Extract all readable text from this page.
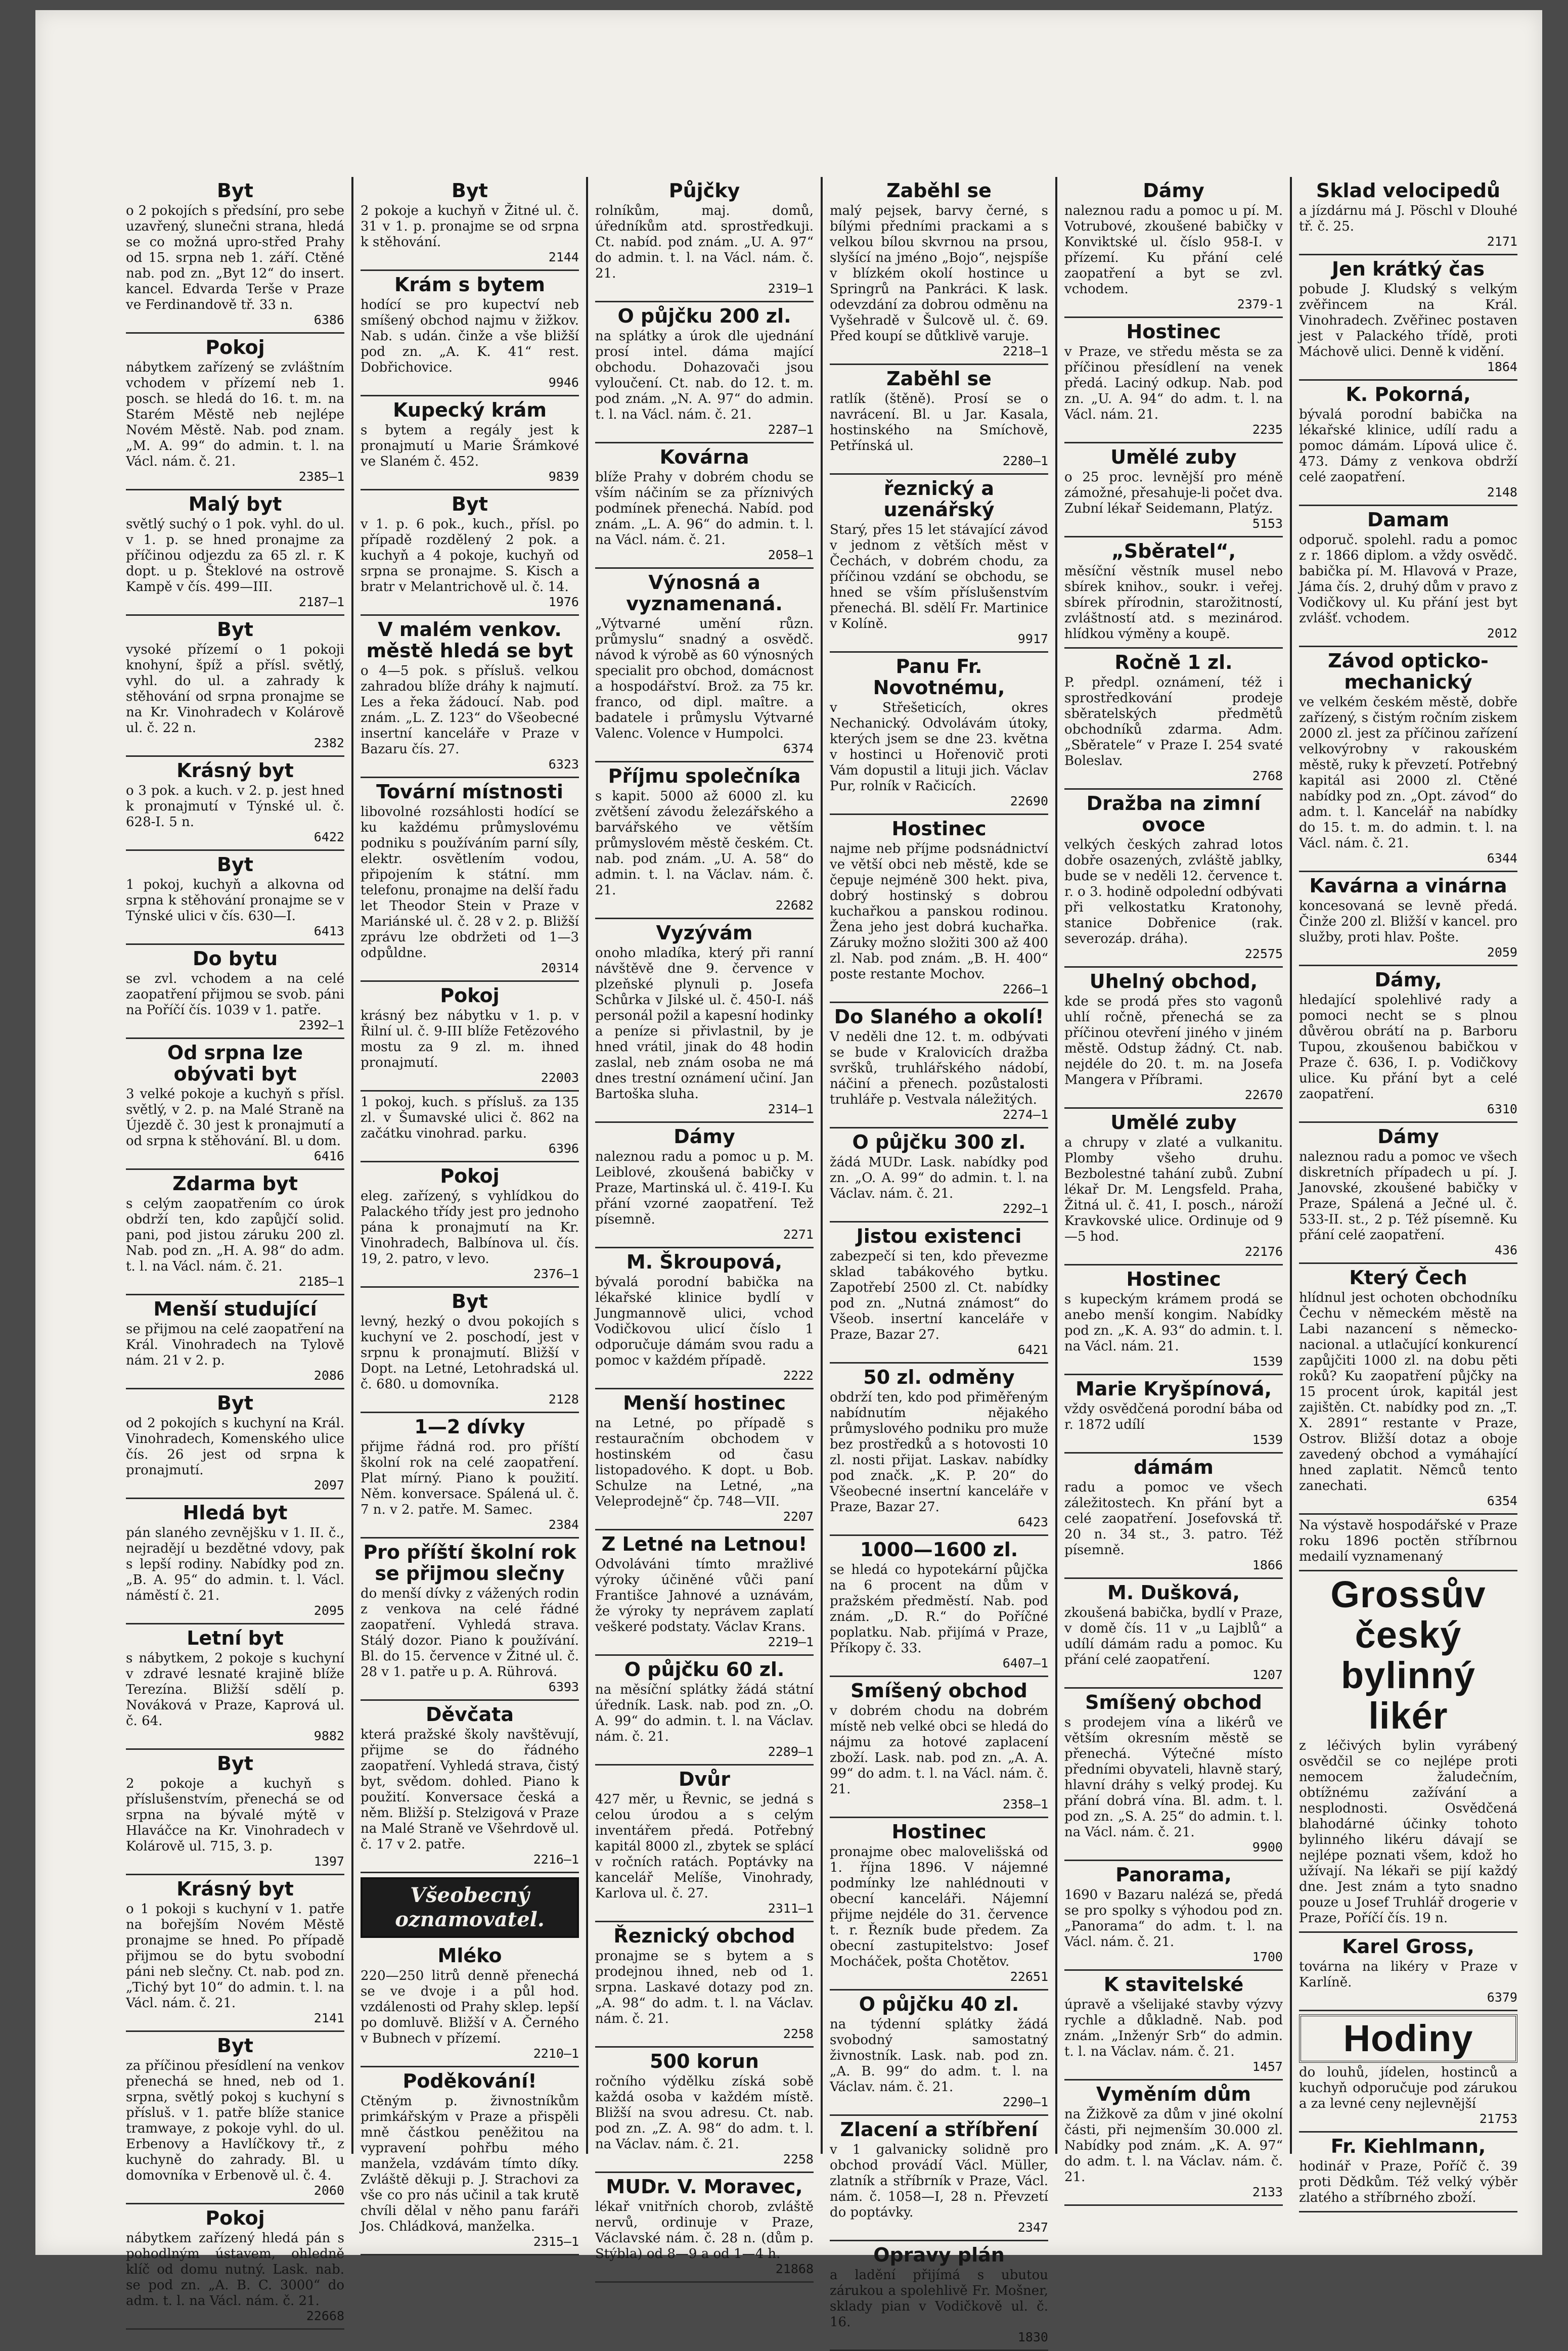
Byt

o 2 pokojích s předsíní, pro sebe uzavřený, slunečni strana, hledá se co možná upro-střed Prahy od 15. srpna neb 1. září. Ctěné nab. pod zn. „Byt 12“ do insert. kancel. Edvarda Terše v Praze ve Ferdinandově tř. 33 n.

6386
Pokoj

nábytkem zařízený se zvláštním vchodem v přízemí neb 1. posch. se hledá do 16. t. m. na Starém Městě neb nejlépe Novém Městě. Nab. pod znam. „M. A. 99“ do admin. t. l. na Václ. nám. č. 21.

2385—1
Malý byt

světlý suchý o 1 pok. vyhl. do ul. v 1. p. se hned pronajme za příčinou odjezdu za 65 zl. r. K dopt. u p. Šteklové na ostrově Kampě v čís. 499—III.

2187—1
Byt

vysoké přízemí o 1 pokoji knohyní, špíž a přísl. světlý, vyhl. do ul. a zahrady k stěhování od srpna pronajme se na Kr. Vinohradech v Kolárově ul. č. 22 n.

2382
Krásný byt

o 3 pok. a kuch. v 2. p. jest hned k pronajmutí v Týnské ul. č. 628-I. 5 n.

6422
Byt

1 pokoj, kuchyň a alkovna od srpna k stěhování pronajme se v Týnské ulici v čís. 630—I.

6413
Do bytu

se zvl. vchodem a na celé zaopatření přijmou se svob. páni na Poříčí čís. 1039 v 1. patře.

2392—1
Od srpna lze obývati byt

3 velké pokoje a kuchyň s přísl. světlý, v 2. p. na Malé Straně na Újezdě č. 30 jest k pronajmutí a od srpna k stěhování. Bl. u dom.

6416
Zdarma byt

s celým zaopatřením co úrok obdrží ten, kdo zapůjčí solid. pani, pod jistou záruku 200 zl. Nab. pod zn. „H. A. 98“ do adm. t. l. na Václ. nám. č. 21.

2185—1
Menší studující

se přijmou na celé zaopatření na Král. Vinohradech na Tylově nám. 21 v 2. p.

2086
Byt

od 2 pokojích s kuchyní na Král. Vinohradech, Komenského ulice čís. 26 jest od srpna k pronajmutí.

2097
Hledá byt

pán slaného zevnějšku v 1. II. č., nejradějí u bezdětné vdovy, pak s lepší rodiny. Nabídky pod zn. „B. A. 95“ do admin. t. l. Václ. náměstí č. 21.

2095
Letní byt

s nábytkem, 2 pokoje s kuchyní v zdravé lesnaté krajině blíže Terezína. Bližší sdělí p. Nováková v Praze, Kaprová ul. č. 64.

9882
Byt

2 pokoje a kuchyň s příslušenstvím, přenechá se od srpna na bývalé mýtě v Hlaváčce na Kr. Vinohradech v Kolárově ul. 715, 3. p.

1397
Krásný byt

o 1 pokoji s kuchyní v 1. patře na bořejším Novém Městě pronajme se hned. Po případě přijmou se do bytu svobodní páni neb slečny. Ct. nab. pod zn. „Tichý byt 10“ do admin. t. l. na Václ. nám. č. 21.

2141
Byt

za příčinou přesídlení na venkov přenechá se hned, neb od 1. srpna, světlý pokoj s kuchyní s přísluš. v 1. patře blíže stanice tramwaye, z pokoje vyhl. do ul. Erbenovy a Havlíčkovy tř., z kuchyně do zahrady. Bl. u domovníka v Erbenově ul. č. 4.

2060
Pokoj

nábytkem zařízený hledá pán s pohodlným ústavem, ohledně klíč od domu nutný. Lask. nab. se pod zn. „A. B. C. 3000“ do adm. t. l. na Václ. nám. č. 21.

22668
Byt

2 pokoje a kuchyň v Žitné ul. č. 31 v 1. p. pronajme se od srpna k stěhování.

2144
Krám s bytem

hodící se pro kupectví neb smíšený obchod najmu v žižkov. Nab. s udán. činže a vše bližší pod zn. „A. K. 41“ rest. Dobřichovice.

9946
Kupecký krám

s bytem a regály jest k pronajmutí u Marie Šrámkové ve Slaném č. 452.

9839
Byt

v 1. p. 6 pok., kuch., přísl. po případě rozdělený 2 pok. a kuchyň a 4 pokoje, kuchyň od srpna se pronajme. S. Kisch a bratr v Melantrichově ul. č. 14.

1976
V malém venkov. městě hledá se byt

o 4—5 pok. s přísluš. velkou zahradou blíže dráhy k najmutí. Les a řeka žádoucí. Nab. pod znám. „L. Z. 123“ do Všeobecné insertní kanceláře v Praze v Bazaru čís. 27.

6323
Tovární místnosti

libovolné rozsáhlosti hodící se ku každému průmyslovému podniku s používáním parní síly, elektr. osvětlením vodou, připojením k státní. mm telefonu, pronajme na delší řadu let Theodor Stein v Praze v Mariánské ul. č. 28 v 2. p. Bližší zprávu lze obdržeti od 1—3 odpůldne.

20314
Pokoj

krásný bez nábytku v 1. p. v Řilní ul. č. 9-III blíže Fetězového mostu za 9 zl. m. ihned pronajmutí.

22003

1 pokoj, kuch. s přísluš. za 135 zl. v Šumavské ulici č. 862 na začátku vinohrad. parku.

6396
Pokoj

eleg. zařízený, s vyhlídkou do Palackého třídy jest pro jednoho pána k pronajmutí na Kr. Vinohradech, Balbínova ul. čís. 19, 2. patro, v levo.

2376—1
Byt

levný, hezký o dvou pokojích s kuchyní ve 2. poschodí, jest v srpnu k pronajmutí. Bližší v Dopt. na Letné, Letohradská ul. č. 680. u domovníka.

2128
1—2 dívky

přijme řádná rod. pro příští školní rok na celé zaopatření. Plat mírný. Piano k použití. Něm. konversace. Spálená ul. č. 7 n. v 2. patře. M. Samec.

2384
Pro příští školní rok se přijmou slečny

do menší dívky z vážených rodin z venkova na celé řádné zaopatření. Vyhledá strava. Stálý dozor. Piano k používání. Bl. do 15. července v Žitné ul. č. 28 v 1. patře u p. A. Rührová.

6393
Děvčata

která pražské školy navštěvují, přijme se do řádného zaopatření. Vyhledá strava, čistý byt, svědom. dohled. Piano k použití. Konversace česká a něm. Bližší p. Stelzigová v Praze na Malé Straně ve Všehrdově ul. č. 17 v 2. patře.

2216—1
Všeobecný oznamovatel.
Mléko

220—250 litrů denně přenechá se ve dvoje i a půl hod. vzdálenosti od Prahy sklep. lepší po domluvě. Bližší v A. Černého v Bubnech v přízemí.

2210—1
Poděkování!

Ctěným p. živnostníkům primkářským v Praze a přispěli mně částkou peněžitou na vypravení pohřbu mého manžela, vzdávám tímto díky. Zvláště děkuji p. J. Strachovi za vše co pro nás učinil a tak krutě chvíli dělal v něho panu faráři Jos. Chládková, manželka.

2315—1
Půjčky

rolníkům, maj. domů, úředníkům atd. sprostředkuji. Ct. nabíd. pod znám. „U. A. 97“ do admin. t. l. na Václ. nám. č. 21.

2319—1
O půjčku 200 zl.

na splátky a úrok dle ujednání prosí intel. dáma mající obchodu. Dohazovači jsou vyloučení. Ct. nab. do 12. t. m. pod znám. „N. A. 97“ do admin. t. l. na Václ. nám. č. 21.

2287—1
Kovárna

blíže Prahy v dobrém chodu se vším náčiním se za příznivých podmínek přenechá. Nabíd. pod znám. „L. A. 96“ do admin. t. l. na Václ. nám. č. 21.

2058—1
Výnosná a vyznamenaná.

„Výtvarné umění různ. průmyslu“ snadný a osvědč. návod k výrobě as 60 výnosných specialit pro obchod, domácnost a hospodářství. Brož. za 75 kr. franco, od dipl. maître. a badatele i průmyslu Výtvarné Valenc. Volence v Humpolci.

6374
Příjmu společníka

s kapit. 5000 až 6000 zl. ku zvětšení závodu železářského a barvářského ve větším průmyslovém městě českém. Ct. nab. pod znám. „U. A. 58“ do admin. t. l. na Václav. nám. č. 21.

22682
Vyzývám

onoho mladíka, který při ranní návštěvě dne 9. července v plzeňské plynuli p. Josefa Schůrka v Jilské ul. č. 450-I. náš personál požil a kapesní hodinky a peníze si přivlastnil, by je hned vrátil, jinak do 48 hodin zaslal, neb znám osoba ne má dnes trestní oznámení učiní. Jan Bartoška sluha.

2314—1
Dámy

naleznou radu a pomoc u p. M. Leiblové, zkoušená babičky v Praze, Martinská ul. č. 419-I. Ku přání vzorné zaopatření. Tež písemně.

2271
M. Škroupová,

bývalá porodní babička na lékařské klinice bydlí v Jungmannově ulici, vchod Vodičkovou ulicí číslo 1 odporučuje dámám svou radu a pomoc v každém případě.

2222
Menší hostinec

na Letné, po případě s restauračním obchodem v hostinském od času listopadového. K dopt. u Bob. Schulze na Letné, „na Veleprodejně“ čp. 748—VII.

2207
Z Letné na Letnou!

Odvoláváni tímto mražlivé výroky účiněné vůči paní Františce Jahnové a uznávám, že výroky ty neprávem zaplatí veškeré podstaty. Václav Krans.

2219—1
O půjčku 60 zl.

na měsíční splátky žádá státní úředník. Lask. nab. pod zn. „O. A. 99“ do admin. t. l. na Václav. nám. č. 21.

2289—1
Dvůr

427 měr, u Řevnic, se jedná s celou úrodou a s celým inventářem předá. Potřebný kapitál 8000 zl., zbytek se splácí v ročních ratách. Poptávky na kancelář Melíše, Vinohrady, Karlova ul. č. 27.

2311—1
Řeznický obchod

pronajme se s bytem a s prodejnou ihned, neb od 1. srpna. Laskavé dotazy pod zn. „A. 98“ do adm. t. l. na Václav. nám. č. 21.

2258
500 korun

ročního výdělku získá sobě každá osoba v každém místě. Bližší na svou adresu. Ct. nab. pod zn. „Z. A. 98“ do adm. t. l. na Václav. nám. č. 21.

2258
MUDr. V. Moravec,

lékař vnitřních chorob, zvláště nervů, ordinuje v Praze, Václavské nám. č. 28 n. (dům p. Stýbla) od 8—9 a od 1—4 h.

21868
Zaběhl se

malý pejsek, barvy černé, s bílými předními prackami a s velkou bílou skvrnou na prsou, slyšící na jméno „Bojo“, nejspíše v blízkém okolí hostince u Springrů na Pankráci. K lask. odevzdání za dobrou odměnu na Vyšehradě v Šulcově ul. č. 69. Před koupí se důtklivě varuje.

2218—1
Zaběhl se

ratlík (štěně). Prosí se o navrácení. Bl. u Jar. Kasala, hostinského na Smíchově, Petřínská ul.

2280—1
řeznický a uzenářský

Starý, přes 15 let stávající závod v jednom z větších měst v Čechách, v dobrém chodu, za příčinou vzdání se obchodu, se hned se vším příslušenstvím přenechá. Bl. sdělí Fr. Martinice v Kolíně.

9917
Panu Fr. Novotnému,

v Střešeticích, okres Nechanický. Odvolávám útoky, kterých jsem se dne 23. května v hostinci u Hořenovič proti Vám dopustil a lituji jich. Václav Pur, rolník v Račicích.

22690
Hostinec

najme neb příjme podsnádnictví ve větší obci neb městě, kde se čepuje nejméně 300 hekt. piva, dobrý hostinský s dobrou kuchařkou a panskou rodinou. Žena jeho jest dobrá kuchařka. Záruky možno složiti 300 až 400 zl. Nab. pod znám. „B. H. 400“ poste restante Mochov.

2266—1
Do Slaného a okolí!

V neděli dne 12. t. m. odbývati se bude v Kralovicích dražba svršků, truhlářského nádobí, náčiní a přenech. pozůstalosti truhláře p. Vestvala náležitých.

2274—1
O půjčku 300 zl.

žádá MUDr. Lask. nabídky pod zn. „O. A. 99“ do admin. t. l. na Václav. nám. č. 21.

2292—1
Jistou existenci

zabezpečí si ten, kdo převezme sklad tabákového bytku. Zapotřebí 2500 zl. Ct. nabídky pod zn. „Nutná známost“ do Všeob. insertní kanceláře v Praze, Bazar 27.

6421
50 zl. odměny

obdrží ten, kdo pod přiměřeným nabídnutím nějakého průmyslového podniku pro muže bez prostředků a s hotovosti 10 zl. nosti přijat. Laskav. nabídky pod značk. „K. P. 20“ do Všeobecné insertní kanceláře v Praze, Bazar 27.

6423
1000—1600 zl.

se hledá co hypotekární půjčka na 6 procent na dům v pražském předměstí. Nab. pod znám. „D. R.“ do Poříčné poplatku. Nab. přijímá v Praze, Příkopy č. 33.

6407—1
Smíšený obchod

v dobrém chodu na dobrém místě neb velké obci se hledá do nájmu za hotové zaplacení zboží. Lask. nab. pod zn. „A. A. 99“ do adm. t. l. na Václ. nám. č. 21.

2358—1
Hostinec

pronajme obec malovelišská od 1. října 1896. V nájemné podmínky lze nahlédnouti v obecní kanceláři. Nájemní přijme nejdéle do 31. července t. r. Řezník bude předem. Za obecní zastupitelstvo: Josef Mocháček, pošta Chotětov.

22651
O půjčku 40 zl.

na týdenní splátky žádá svobodný samostatný živnostník. Lask. nab. pod zn. „A. B. 99“ do adm. t. l. na Václav. nám. č. 21.

2290—1
Zlacení a stříbření

v 1 galvanicky solidně pro obchod provádí Václ. Müller, zlatník a stříbrník v Praze, Václ. nám. č. 1058—I, 28 n. Převzetí do poptávky.

2347
Opravy plán

a ladění přijímá s ubutou zárukou a spolehlivě Fr. Mošner, sklady pian v Vodičkově ul. č. 16.

1830
Dámy

naleznou radu a pomoc u pí. M. Votrubové, zkoušené babičky v Konviktské ul. číslo 958-I. v přízemí. Ku přání celé zaopatření a byt se zvl. vchodem.

2379-1
Hostinec

v Praze, ve středu města se za příčinou přesídlení na venek předá. Laciný odkup. Nab. pod zn. „U. A. 94“ do adm. t. l. na Václ. nám. 21.

2235
Umělé zuby

o 25 proc. levnější pro méně zámožné, přesahuje-li počet dva. Zubní lékař Seidemann, Platýz.

5153
„Sběratel“,

měsíční věstník musel nebo sbírek knihov., soukr. i veřej. sbírek přírodnin, starožitností, zvláštností atd. s mezinárod. hlídkou výměny a koupě.

Ročně 1 zl.

P. předpl. oznámení, též i sprostředkování prodeje sběratelských předmětů obchodníků zdarma. Adm. „Sběratele“ v Praze I. 254 svaté Boleslav.

2768
Dražba na zimní ovoce

velkých českých zahrad lotos dobře osazených, zvláště jablky, bude se v neděli 12. července t. r. o 3. hodině odpolední odbývati při velkostatku Kratonohy, stanice Dobřenice (rak. severozáp. dráha).

22575
Uhelný obchod,

kde se prodá přes sto vagonů uhlí ročně, přenechá se za příčinou otevření jiného v jiném městě. Odstup žádný. Ct. nab. nejdéle do 20. t. m. na Josefa Mangera v Příbrami.

22670
Umělé zuby

a chrupy v zlaté a vulkanitu. Plomby všeho druhu. Bezbolestné tahání zubů. Zubní lékař Dr. M. Lengsfeld. Praha, Žitná ul. č. 41, I. posch., nároží Kravkovské ulice. Ordinuje od 9—5 hod.

22176
Hostinec

s kupeckým krámem prodá se anebo menší kongim. Nabídky pod zn. „K. A. 93“ do admin. t. l. na Václ. nám. 21.

1539
Marie Kryšpínová,

vždy osvědčená porodní bába od r. 1872 udílí

1539
dámám

radu a pomoc ve všech záležitostech. Kn přání byt a celé zaopatření. Josefovská tř. 20 n. 34 st., 3. patro. Též písemně.

1866
M. Dušková,

zkoušená babička, bydlí v Praze, v domě čís. 11 v „u Lajblů“ a udílí dámám radu a pomoc. Ku přání celé zaopatření.

1207
Smíšený obchod

s prodejem vína a likérů ve větším okresním městě se přenechá. Výtečné místo předními obyvateli, hlavně starý, hlavní dráhy s velký prodej. Ku přání dobrá vína. Bl. adm. t. l. pod zn. „S. A. 25“ do admin. t. l. na Václ. nám. č. 21.

9900
Panorama,

1690 v Bazaru nalézá se, předá se pro spolky s výhodou pod zn. „Panorama“ do adm. t. l. na Václ. nám. č. 21.

1700
K stavitelské

úpravě a všelijaké stavby výzvy rychle a důkladně. Nab. pod znám. „Inženýr Srb“ do admin. t. l. na Václav. nám. č. 21.

1457
Vyměním dům

na Žižkově za dům v jiné okolní části, při nejmenším 30.000 zl. Nabídky pod znám. „K. A. 97“ do adm. t. l. na Václav. nám. č. 21.

2133
Sklad velocipedů

a jízdárnu má J. Pöschl v Dlouhé tř. č. 25.

2171
Jen krátký čas

pobude J. Kludský s velkým zvěřincem na Král. Vinohradech. Zvěřinec postaven jest v Palackého třídě, proti Máchově ulici. Denně k vidění.

1864
K. Pokorná,

bývalá porodní babička na lékařské klinice, udílí radu a pomoc dámám. Lípová ulice č. 473. Dámy z venkova obdrží celé zaopatření.

2148
Damam

odporuč. spolehl. radu a pomoc z r. 1866 diplom. a vždy osvědč. babička pí. M. Hlavová v Praze, Jáma čís. 2, druhý dům v pravo z Vodičkovy ul. Ku přání jest byt zvlášť. vchodem.

2012
Závod opticko-mechanický

ve velkém českém městě, dobře zařízený, s čistým ročním ziskem 2000 zl. jest za příčinou zařízení velkovýrobny v rakouském městě, ruky k převzetí. Potřebný kapitál asi 2000 zl. Ctěné nabídky pod zn. „Opt. závod“ do adm. t. l. Kancelář na nabídky do 15. t. m. do admin. t. l. na Václ. nám. č. 21.

6344
Kavárna a vinárna

koncesovaná se levně předá. Činže 200 zl. Bližší v kancel. pro služby, proti hlav. Pošte.

2059
Dámy,

hledající spolehlivé rady a pomoci necht se s plnou důvěrou obrátí na p. Barboru Tupou, zkoušenou babičkou v Praze č. 636, I. p. Vodičkovy ulice. Ku přání byt a celé zaopatření.

6310
Dámy

naleznou radu a pomoc ve všech diskretních případech u pí. J. Janovské, zkoušené babičky v Praze, Spálená a Ječné ul. č. 533-II. st., 2 p. Též písemně. Ku přání celé zaopatření.

436
Který Čech

hlídnul jest ochoten obchodníku Čechu v německém městě na Labi nazancení s německo-nacional. a utlačující konkurencí zapůjčiti 1000 zl. na dobu pěti roků? Ku zaopatření půjčky na 15 procent úrok, kapitál jest zajištěn. Ct. nabídky pod zn. „T. X. 2891“ restante v Praze, Ostrov. Bližší dotaz a oboje zavedený obchod a vymáhající hned zaplatit. Němců tento zanechati.

6354

Na výstavě hospodářské v Praze roku 1896 poctěn stříbrnou medailí vyznamenaný

Grossův český bylinný likér

z léčivých bylin vyrábený osvědčil se co nejlépe proti nemocem žaludečním, obtížnému zažívání a nesplodnosti. Osvědčená blahodárné účinky tohoto bylinného likéru dávají se nejlépe poznati všem, kdož ho užívají. Na lékaři se pijí každý dne. Jest znám a tyto snadno pouze u Josef Truhlář drogerie v Praze, Poříčí čís. 19 n.

Karel Gross,

továrna na likéry v Praze v Karlíně.

6379
Hodiny

do louhů, jídelen, hostinců a kuchyň odporučuje pod zárukou a za levné ceny nejlevnější

21753
Fr. Kiehlmann,

hodinář v Praze, Poříč č. 39 proti Dědkům. Též velký výběr zlatého a stříbrného zboží.
